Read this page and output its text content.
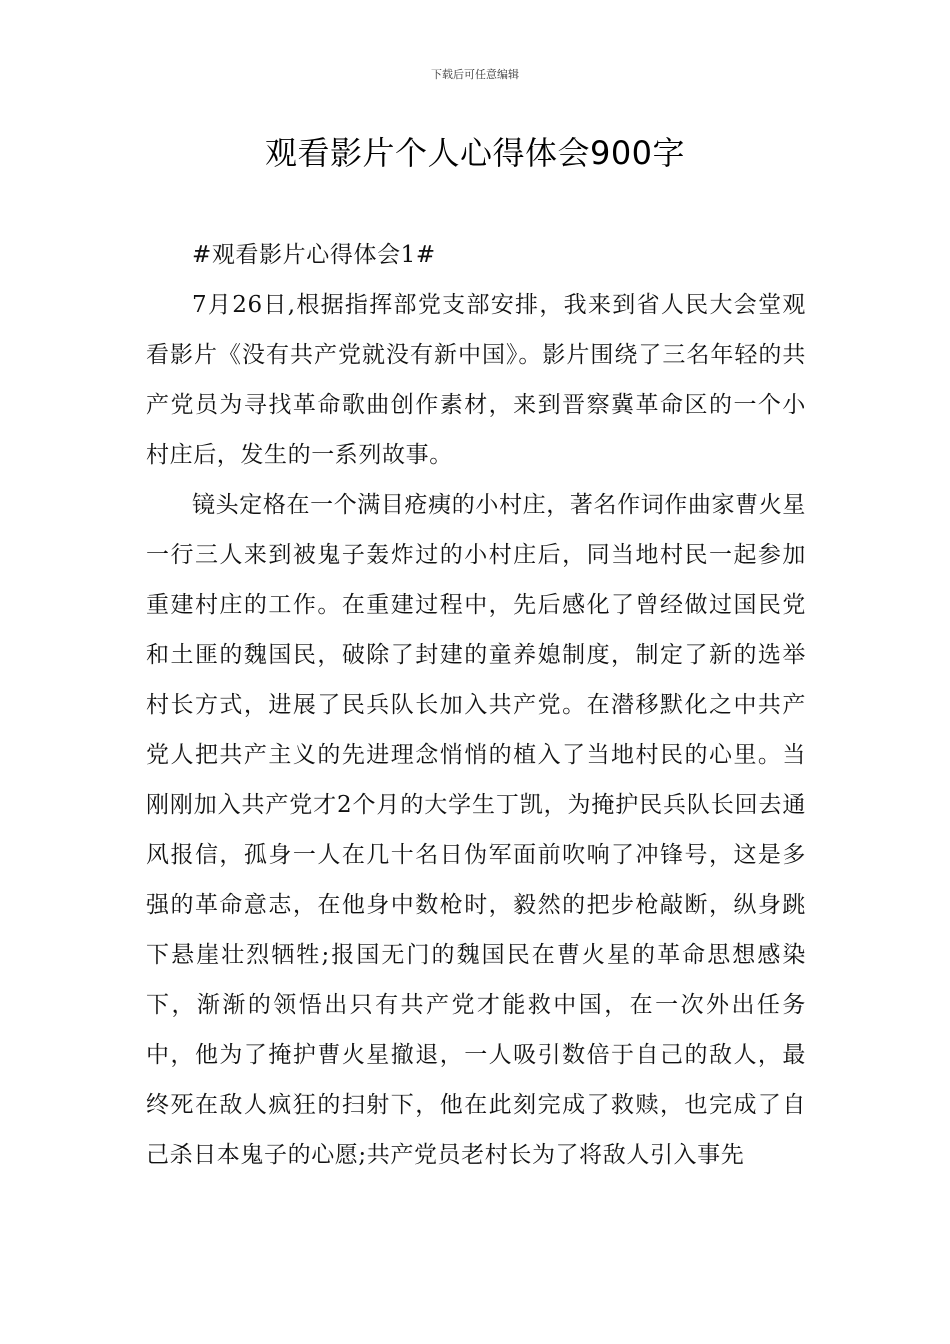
下载后可任意编辑
观看影片个人心得体会900字

#观看影片心得体会1#

7月26日,根据指挥部党支部安排，我来到省人民大会堂观看影片《没有共产党就没有新中国》。影片围绕了三名年轻的共产党员为寻找革命歌曲创作素材，来到晋察冀革命区的一个小村庄后，发生的一系列故事。

镜头定格在一个满目疮痍的小村庄，著名作词作曲家曹火星一行三人来到被鬼子轰炸过的小村庄后，同当地村民一起参加重建村庄的工作。在重建过程中，先后感化了曾经做过国民党和土匪的魏国民，破除了封建的童养媳制度，制定了新的选举村长方式，进展了民兵队长加入共产党。在潜移默化之中共产党人把共产主义的先进理念悄悄的植入了当地村民的心里。当刚刚加入共产党才2个月的大学生丁凯，为掩护民兵队长回去通风报信，孤身一人在几十名日伪军面前吹响了冲锋号，这是多强的革命意志，在他身中数枪时，毅然的把步枪敲断，纵身跳下悬崖壮烈牺牲;报国无门的魏国民在曹火星的革命思想感染下，渐渐的领悟出只有共产党才能救中国，在一次外出任务中，他为了掩护曹火星撤退，一人吸引数倍于自己的敌人，最终死在敌人疯狂的扫射下，他在此刻完成了救赎，也完成了自己杀日本鬼子的心愿;共产党员老村长为了将敌人引入事先
